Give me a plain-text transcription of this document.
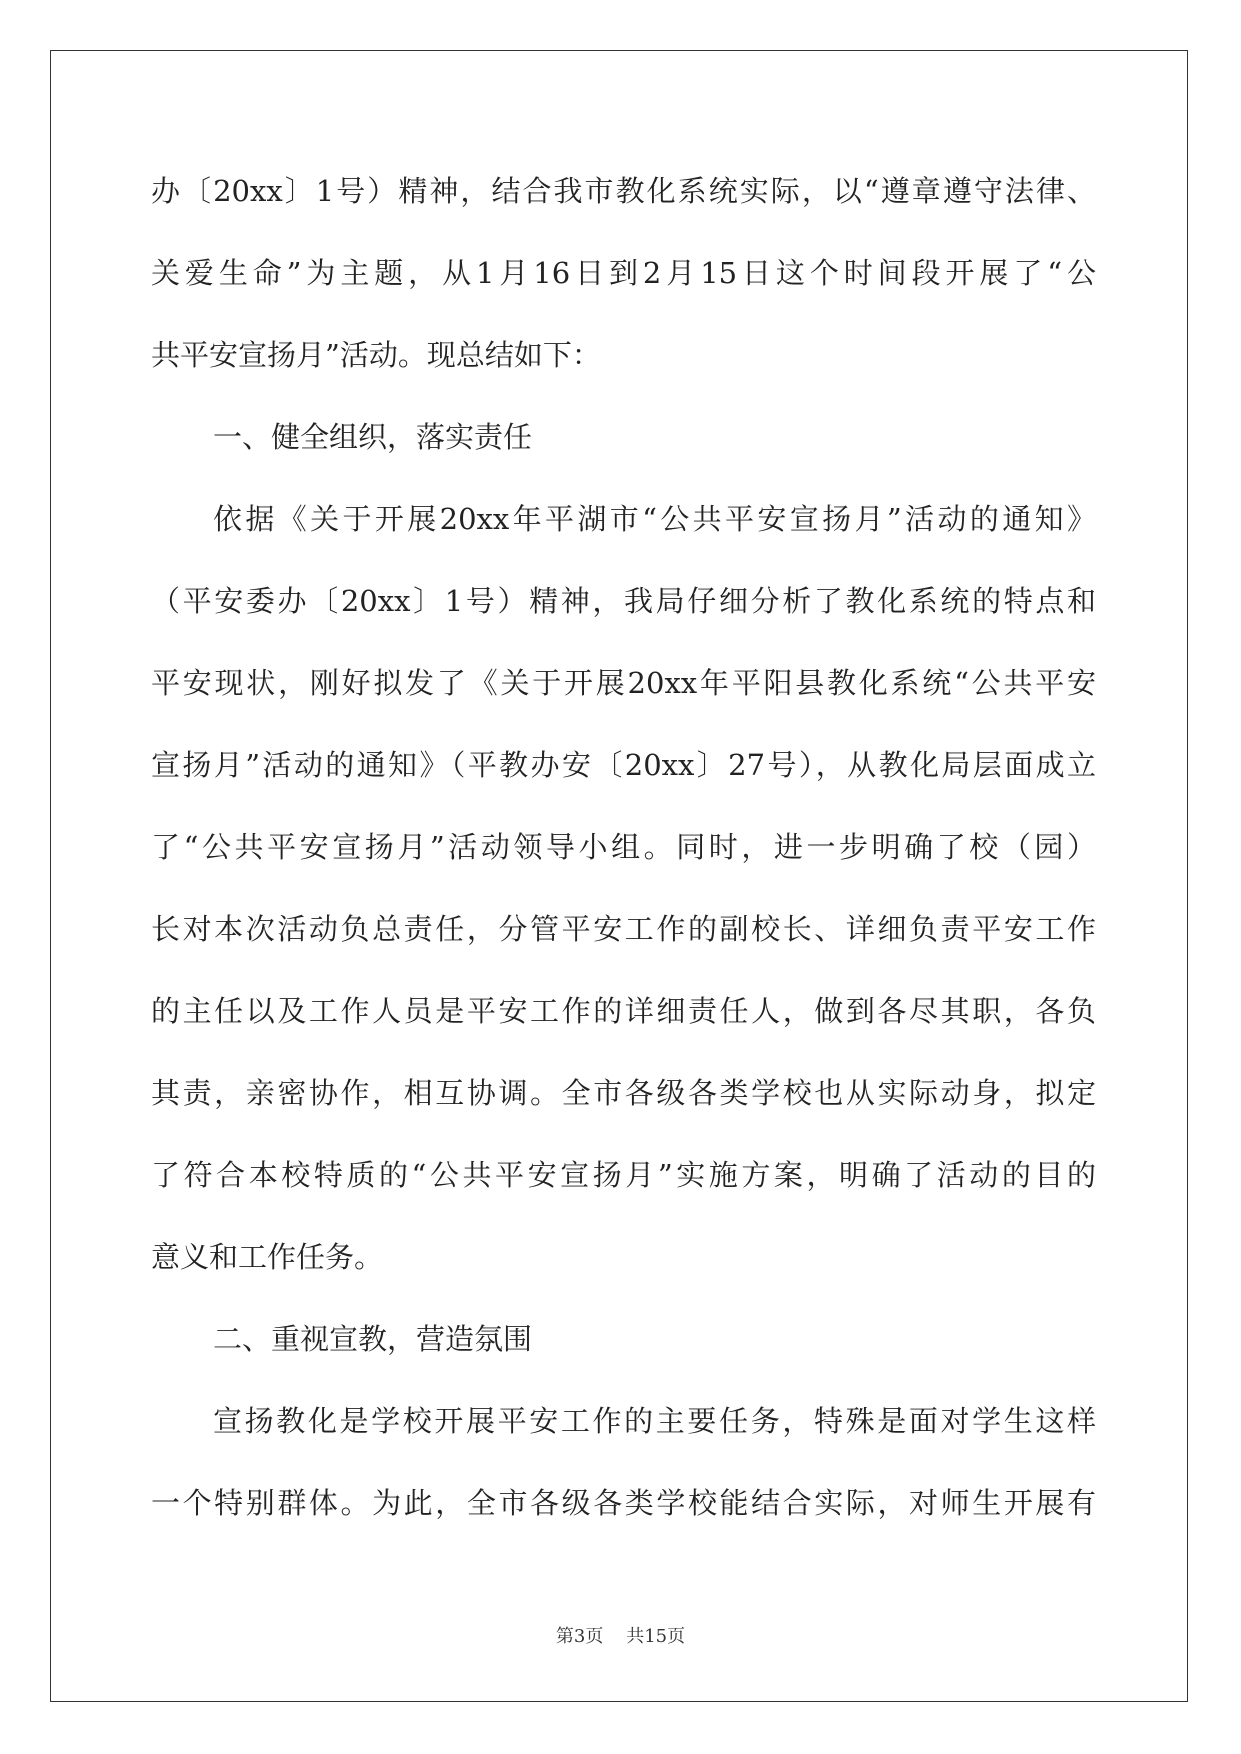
办〔20xx〕1号）精神，结合我市教化系统实际，以“遵章遵守法律、
关爱生命”为主题，从1月16日到2月15日这个时间段开展了“公
共平安宣扬月”活动。现总结如下：
一、健全组织，落实责任
依据《关于开展20xx年平湖市“公共平安宣扬月”活动的通知》
（平安委办〔20xx〕1号）精神，我局仔细分析了教化系统的特点和
平安现状，刚好拟发了《关于开展20xx年平阳县教化系统“公共平安
宣扬月”活动的通知》（平教办安〔20xx〕27号），从教化局层面成立
了“公共平安宣扬月”活动领导小组。同时，进一步明确了校（园）
长对本次活动负总责任，分管平安工作的副校长、详细负责平安工作
的主任以及工作人员是平安工作的详细责任人，做到各尽其职，各负
其责，亲密协作，相互协调。全市各级各类学校也从实际动身，拟定
了符合本校特质的“公共平安宣扬月”实施方案，明确了活动的目的
意义和工作任务。
二、重视宣教，营造氛围
宣扬教化是学校开展平安工作的主要任务，特殊是面对学生这样
一个特别群体。为此，全市各级各类学校能结合实际，对师生开展有
第3页 共15页
